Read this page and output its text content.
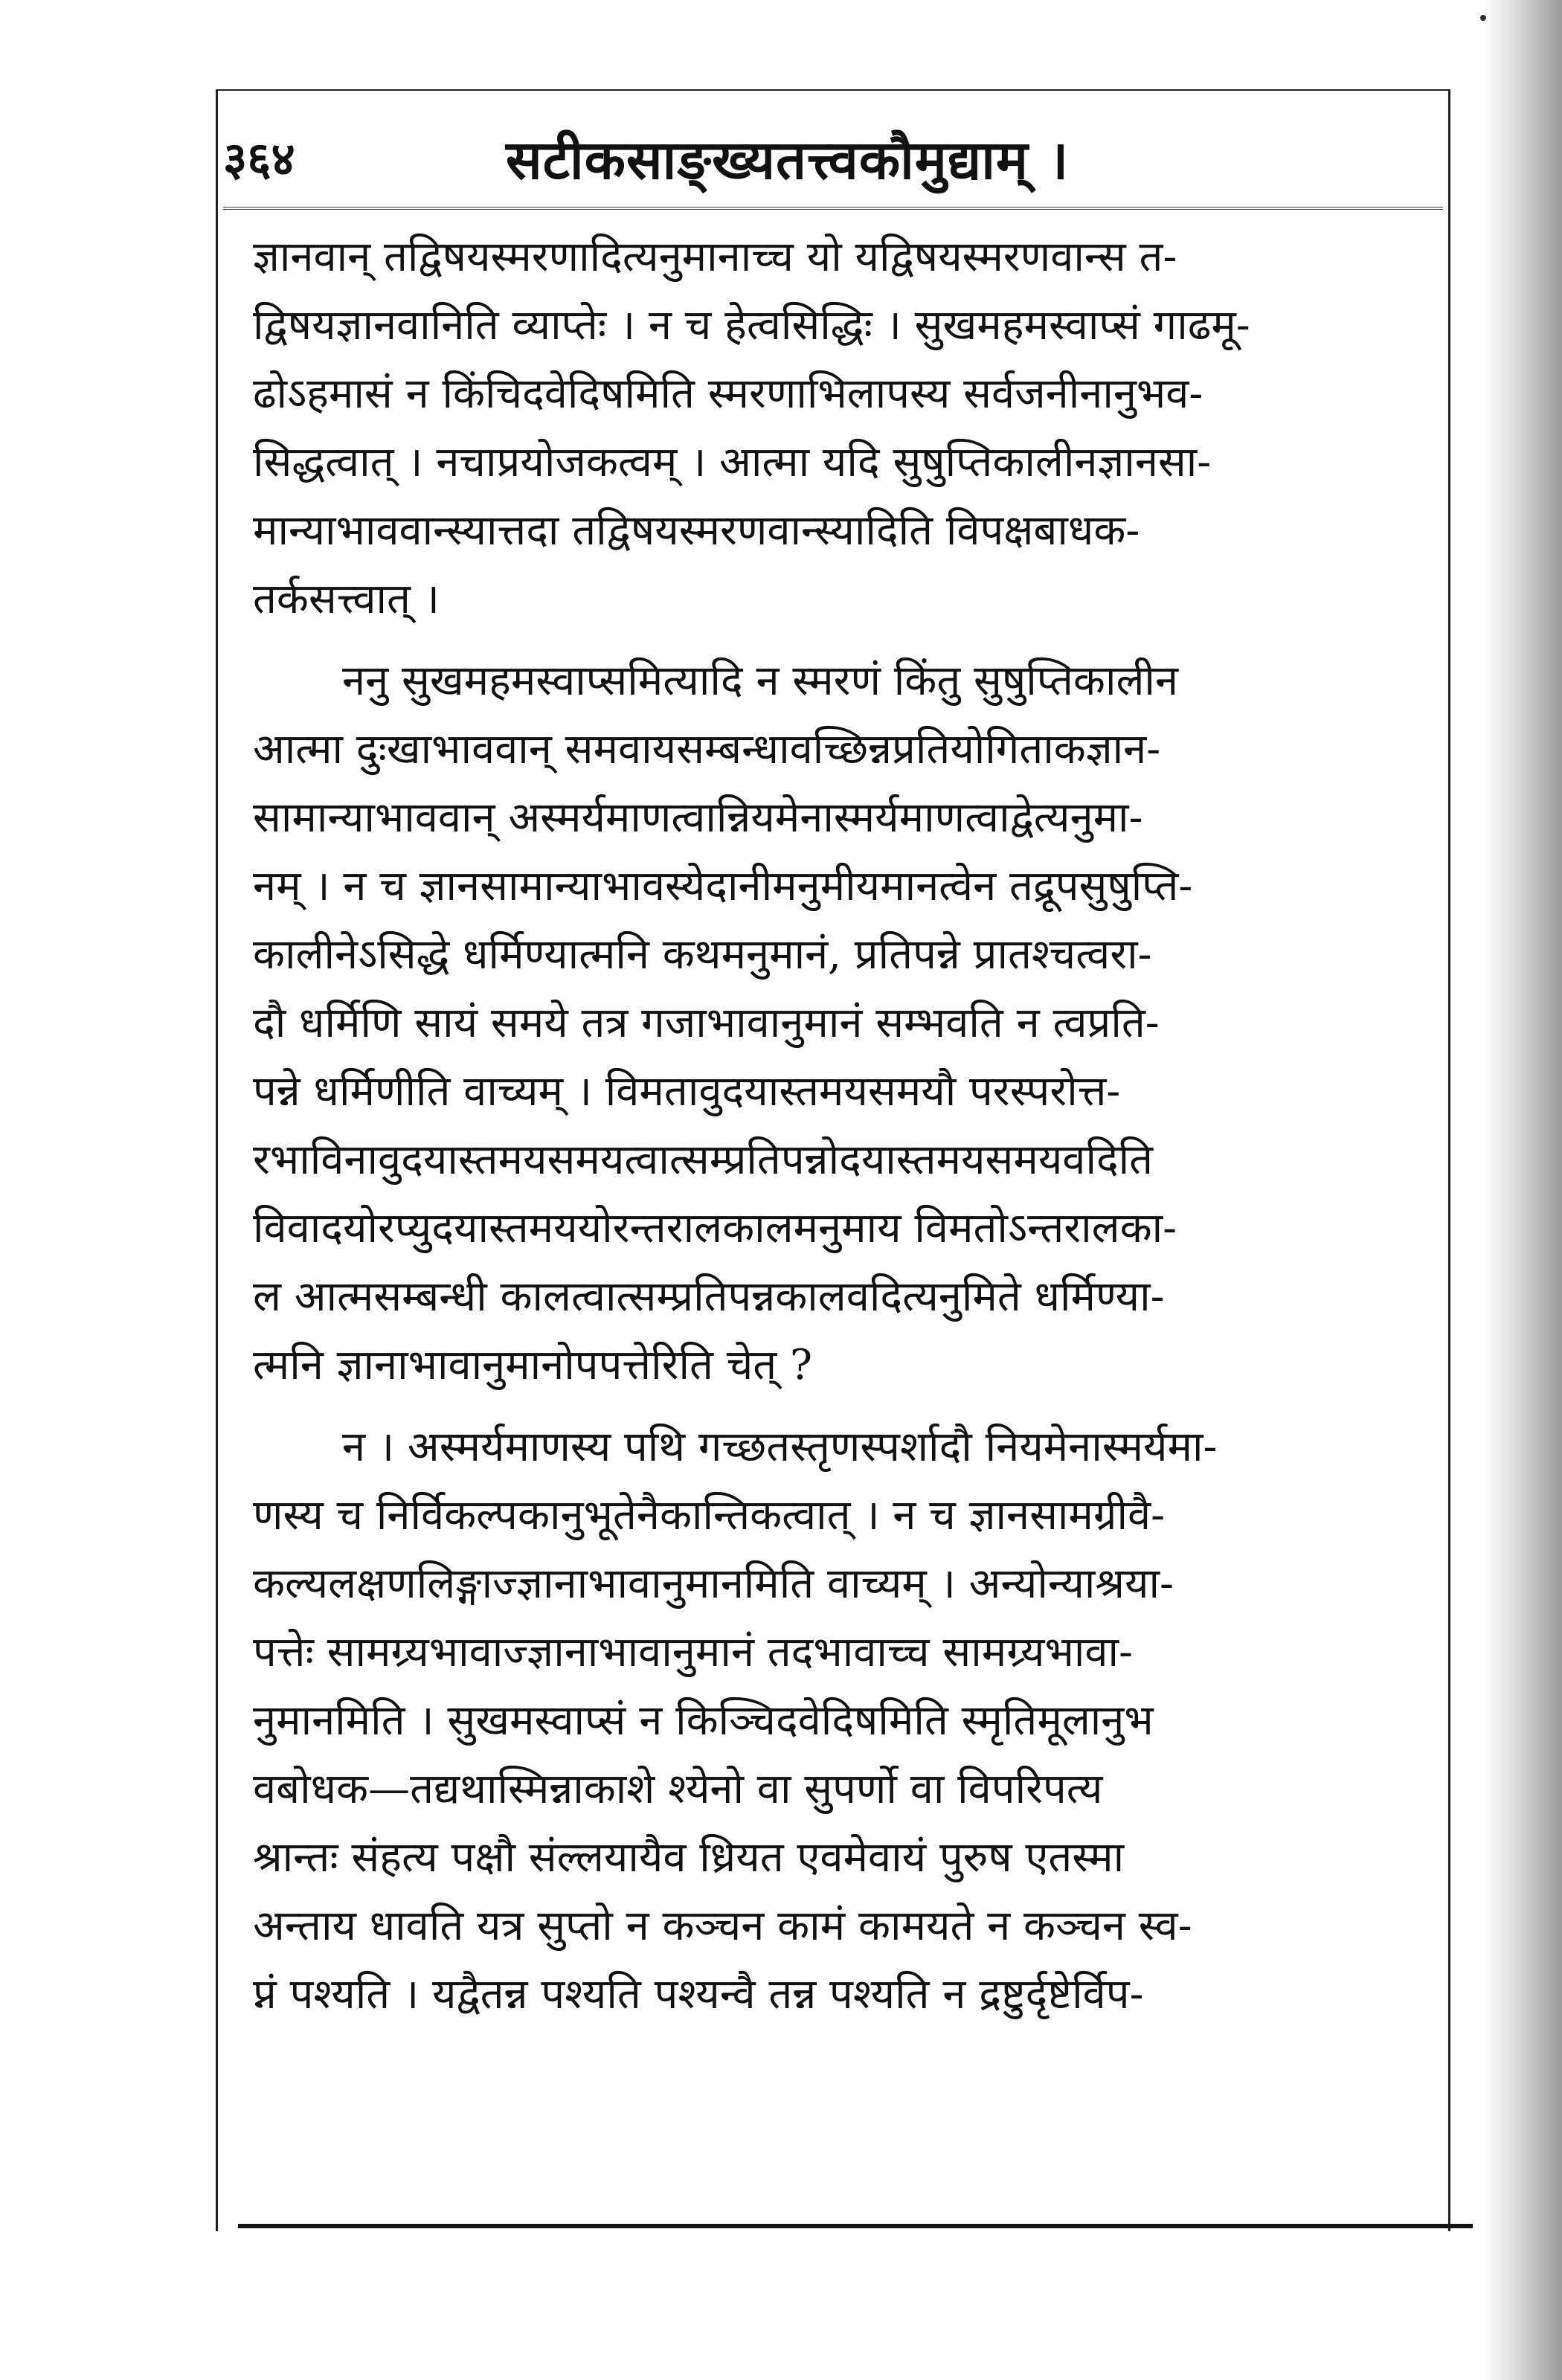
३६४	सटीकसाङ्ख्यतत्त्वकौमुद्याम् ।

ज्ञानवान् तद्विषयस्मरणादित्यनुमानाच्च यो यद्विषयस्मरणवान्स त-

द्विषयज्ञानवानिति व्याप्तेः । न च हेत्वसिद्धिः । सुखमहमस्वाप्सं गाढमू-

ढोऽहमासं न किंचिदवेदिषमिति स्मरणाभिलापस्य सर्वजनीनानुभव-

सिद्धत्वात् । नचाप्रयोजकत्वम् । आत्मा यदि सुषुप्तिकालीनज्ञानसा-

मान्याभाववान्स्यात्तदा तद्विषयस्मरणवान्स्यादिति विपक्षबाधक-

तर्कसत्त्वात् ।

ननु सुखमहमस्वाप्समित्यादि न स्मरणं किंतु सुषुप्तिकालीन

आत्मा दुःखाभाववान् समवायसम्बन्धावच्छिन्नप्रतियोगिताकज्ञान-

सामान्याभाववान् अस्मर्यमाणत्वान्नियमेनास्मर्यमाणत्वाद्वेत्यनुमा-

नम् । न च ज्ञानसामान्याभावस्येदानीमनुमीयमानत्वेन तद्रूपसुषुप्ति-

कालीनेऽसिद्धे धर्मिण्यात्मनि कथमनुमानं, प्रतिपन्ने प्रातश्चत्वरा-

दौ धर्मिणि सायं समये तत्र गजाभावानुमानं सम्भवति न त्वप्रति-

पन्ने धर्मिणीति वाच्यम् । विमतावुदयास्तमयसमयौ परस्परोत्त-

रभाविनावुदयास्तमयसमयत्वात्सम्प्रतिपन्नोदयास्तमयसमयवदिति

विवादयोरप्युदयास्तमययोरन्तरालकालमनुमाय विमतोऽन्तरालका-

ल आत्मसम्बन्धी कालत्वात्सम्प्रतिपन्नकालवदित्यनुमिते धर्मिण्या-

त्मनि ज्ञानाभावानुमानोपपत्तेरिति चेत् ?

न । अस्मर्यमाणस्य पथि गच्छतस्तृणस्पर्शादौ नियमेनास्मर्यमा-

णस्य च निर्विकल्पकानुभूतेनैकान्तिकत्वात् । न च ज्ञानसामग्रीवै-

कल्यलक्षणलिङ्गाज्ज्ञानाभावानुमानमिति वाच्यम् । अन्योन्याश्रया-

पत्तेः सामग्र्यभावाज्ज्ञानाभावानुमानं तदभावाच्च सामग्र्यभावा-

नुमानमिति । सुखमस्वाप्सं न किञ्चिदवेदिषमिति स्मृतिमूलानुभ

वबोधक—तद्यथास्मिन्नाकाशे श्येनो वा सुपर्णो वा विपरिपत्य

श्रान्तः संहत्य पक्षौ संल्लयायैव ध्रियत एवमेवायं पुरुष एतस्मा

अन्ताय धावति यत्र सुप्तो न कञ्चन कामं कामयते न कञ्चन स्व-

प्नं पश्यति । यद्वैतन्न पश्यति पश्यन्वै तन्न पश्यति न द्रष्टुर्दृष्टेर्विप-
